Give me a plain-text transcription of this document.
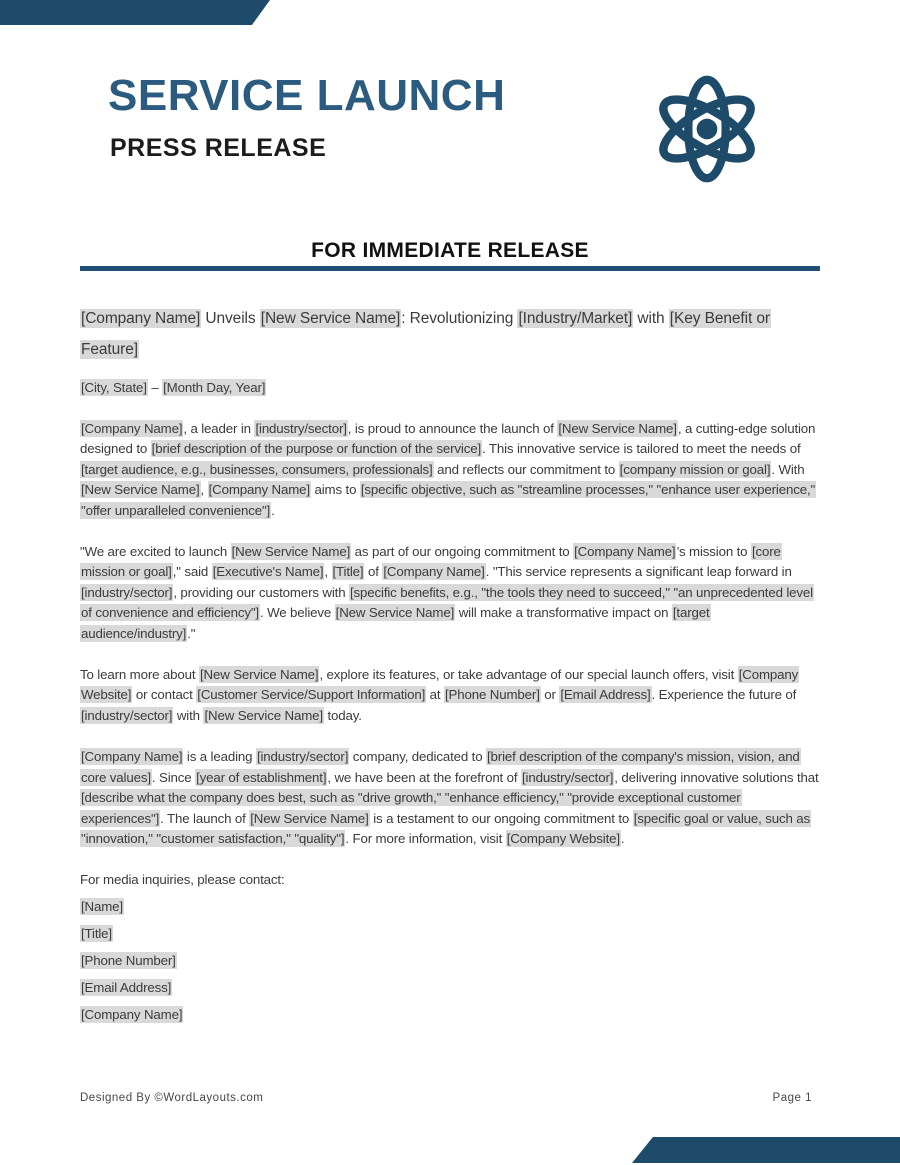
SERVICE LAUNCH
PRESS RELEASE
FOR IMMEDIATE RELEASE

[Company Name] Unveils [New Service Name]: Revolutionizing [Industry/Market] with [Key Benefit or Feature]

[City, State] – [Month Day, Year]

[Company Name], a leader in [industry/sector], is proud to announce the launch of [New Service Name], a cutting-edge solution designed to [brief description of the purpose or function of the service]. This innovative service is tailored to meet the needs of [target audience, e.g., businesses, consumers, professionals] and reflects our commitment to [company mission or goal]. With [New Service Name], [Company Name] aims to [specific objective, such as "streamline processes," "enhance user experience," "offer unparalleled convenience"].

"We are excited to launch [New Service Name] as part of our ongoing commitment to [Company Name]’s mission to [core mission or goal]," said [Executive's Name], [Title] of [Company Name]. "This service represents a significant leap forward in [industry/sector], providing our customers with [specific benefits, e.g., "the tools they need to succeed," "an unprecedented level of convenience and efficiency"]. We believe [New Service Name] will make a transformative impact on [target audience/industry]."

To learn more about [New Service Name], explore its features, or take advantage of our special launch offers, visit [Company Website] or contact [Customer Service/Support Information] at [Phone Number] or [Email Address]. Experience the future of [industry/sector] with [New Service Name] today.

[Company Name] is a leading [industry/sector] company, dedicated to [brief description of the company's mission, vision, and core values]. Since [year of establishment], we have been at the forefront of [industry/sector], delivering innovative solutions that [describe what the company does best, such as "drive growth," "enhance efficiency," "provide exceptional customer experiences"]. The launch of [New Service Name] is a testament to our ongoing commitment to [specific goal or value, such as "innovation," "customer satisfaction," "quality"]. For more information, visit [Company Website].

For media inquiries, please contact:

[Name]
[Title]
[Phone Number]
[Email Address]
[Company Name]
Designed By ©WordLayouts.com	Page 1
